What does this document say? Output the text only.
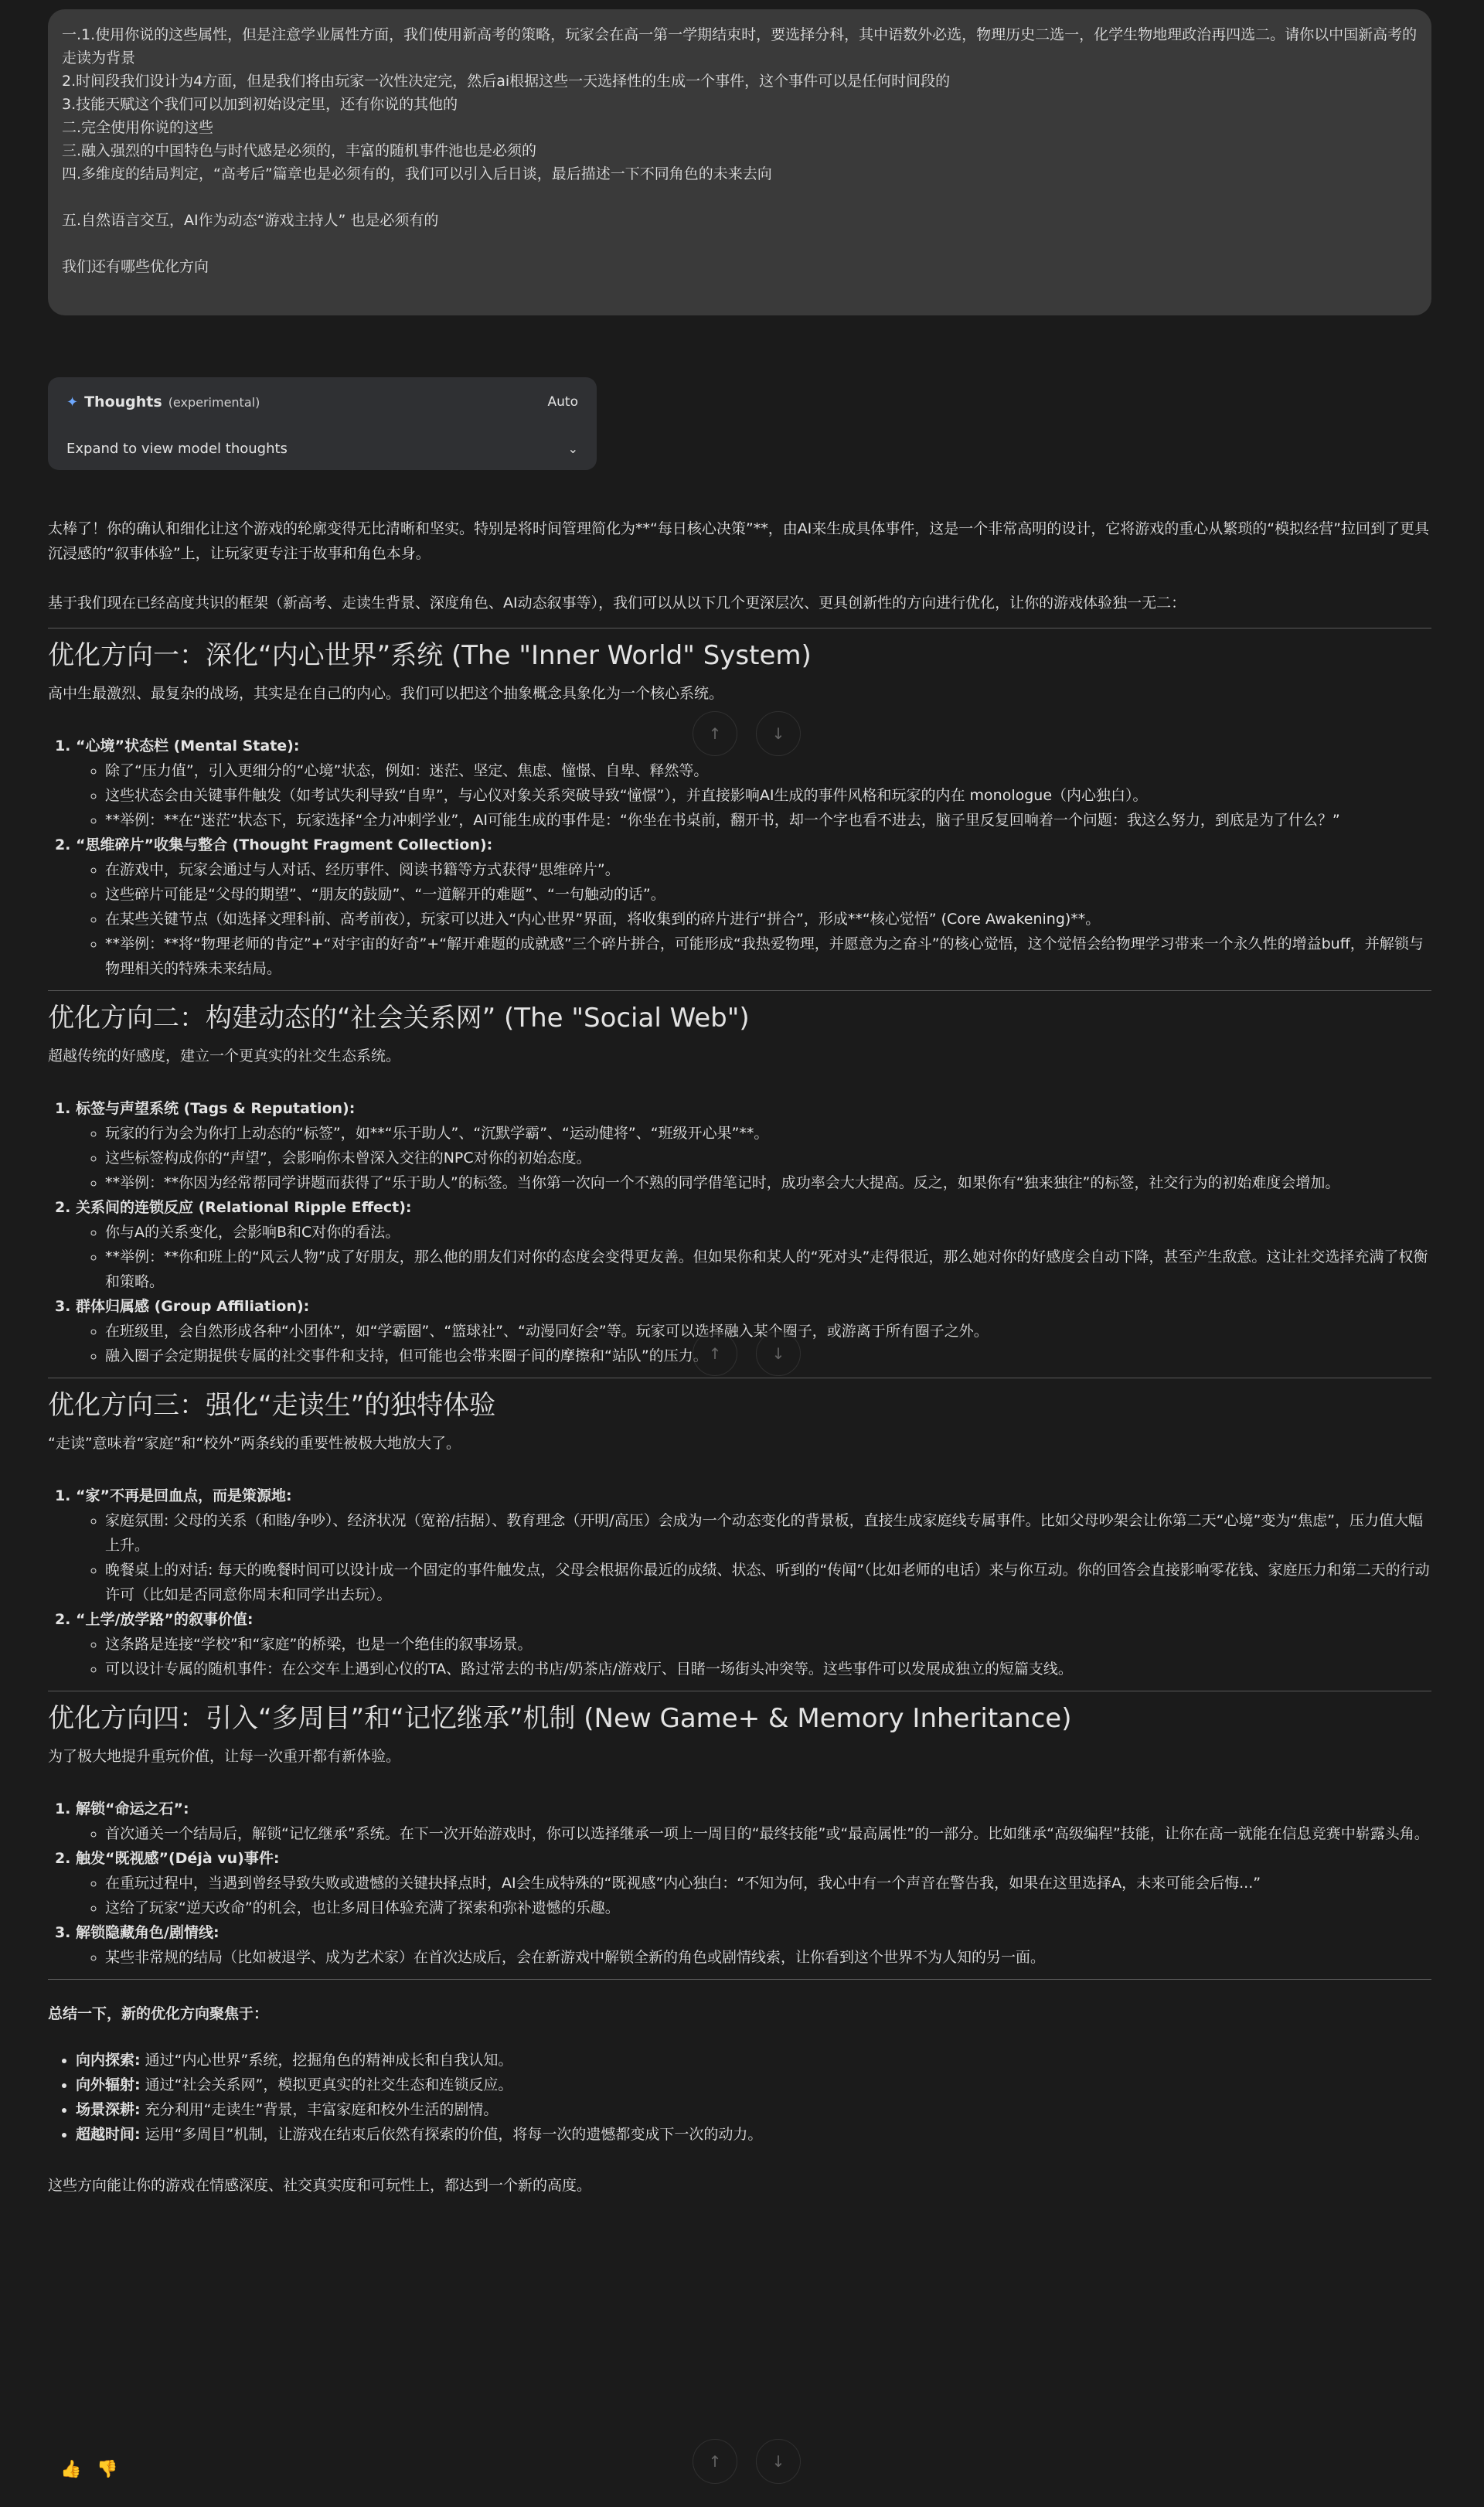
一.1.使用你说的这些属性，但是注意学业属性方面，我们使用新高考的策略，玩家会在高一第一学期结束时，要选择分科，其中语数外必选，物理历史二选一，化学生物地理政治再四选二。请你以中国新高考的走读为背景

2.时间段我们设计为4方面，但是我们将由玩家一次性决定完，然后ai根据这些一天选择性的生成一个事件，这个事件可以是任何时间段的

3.技能天赋这个我们可以加到初始设定里，还有你说的其他的

二.完全使用你说的这些

三.融入强烈的中国特色与时代感是必须的，丰富的随机事件池也是必须的

四.多维度的结局判定，“高考后”篇章也是必须有的，我们可以引入后日谈，最后描述一下不同角色的未来去向

五.自然语言交互，AI作为动态“游戏主持人” 也是必须有的

我们还有哪些优化方向

✦ Thoughts (experimental)	Auto
Expand to view model thoughts	⌄

太棒了！你的确认和细化让这个游戏的轮廓变得无比清晰和坚实。特别是将时间管理简化为**“每日核心决策”**，由AI来生成具体事件，这是一个非常高明的设计，它将游戏的重心从繁琐的“模拟经营”拉回到了更具沉浸感的“叙事体验”上，让玩家更专注于故事和角色本身。

基于我们现在已经高度共识的框架（新高考、走读生背景、深度角色、AI动态叙事等），我们可以从以下几个更深层次、更具创新性的方向进行优化，让你的游戏体验独一无二：

优化方向一：深化“内心世界”系统 (The "Inner World" System)

高中生最激烈、最复杂的战场，其实是在自己的内心。我们可以把这个抽象概念具象化为一个核心系统。

1. “心境”状态栏 (Mental State):
◦ 除了“压力值”，引入更细分的“心境”状态，例如：迷茫、坚定、焦虑、憧憬、自卑、释然等。
◦ 这些状态会由关键事件触发（如考试失利导致“自卑”，与心仪对象关系突破导致“憧憬”），并直接影响AI生成的事件风格和玩家的内在 monologue（内心独白）。
◦ **举例：**在“迷茫”状态下，玩家选择“全力冲刺学业”，AI可能生成的事件是：“你坐在书桌前，翻开书，却一个字也看不进去，脑子里反复回响着一个问题：我这么努力，到底是为了什么？”
2. “思维碎片”收集与整合 (Thought Fragment Collection):
◦ 在游戏中，玩家会通过与人对话、经历事件、阅读书籍等方式获得“思维碎片”。
◦ 这些碎片可能是“父母的期望”、“朋友的鼓励”、“一道解开的难题”、“一句触动的话”。
◦ 在某些关键节点（如选择文理科前、高考前夜），玩家可以进入“内心世界”界面，将收集到的碎片进行“拼合”，形成**“核心觉悟” (Core Awakening)**。
◦ **举例：**将“物理老师的肯定”+“对宇宙的好奇”+“解开难题的成就感”三个碎片拼合，可能形成“我热爱物理，并愿意为之奋斗”的核心觉悟，这个觉悟会给物理学习带来一个永久性的增益buff，并解锁与物理相关的特殊未来结局。
优化方向二：构建动态的“社会关系网” (The "Social Web")

超越传统的好感度，建立一个更真实的社交生态系统。

1. 标签与声望系统 (Tags & Reputation):
◦ 玩家的行为会为你打上动态的“标签”，如**“乐于助人”、“沉默学霸”、“运动健将”、“班级开心果”**。
◦ 这些标签构成你的“声望”，会影响你未曾深入交往的NPC对你的初始态度。
◦ **举例：**你因为经常帮同学讲题而获得了“乐于助人”的标签。当你第一次向一个不熟的同学借笔记时，成功率会大大提高。反之，如果你有“独来独往”的标签，社交行为的初始难度会增加。
2. 关系间的连锁反应 (Relational Ripple Effect):
◦ 你与A的关系变化，会影响B和C对你的看法。
◦ **举例：**你和班上的“风云人物”成了好朋友，那么他的朋友们对你的态度会变得更友善。但如果你和某人的“死对头”走得很近，那么她对你的好感度会自动下降，甚至产生敌意。这让社交选择充满了权衡和策略。
3. 群体归属感 (Group Affiliation):
◦ 在班级里，会自然形成各种“小团体”，如“学霸圈”、“篮球社”、“动漫同好会”等。玩家可以选择融入某个圈子，或游离于所有圈子之外。
◦ 融入圈子会定期提供专属的社交事件和支持，但可能也会带来圈子间的摩擦和“站队”的压力。
优化方向三：强化“走读生”的独特体验

“走读”意味着“家庭”和“校外”两条线的重要性被极大地放大了。

1. “家”不再是回血点，而是策源地:
◦ 家庭氛围: 父母的关系（和睦/争吵）、经济状况（宽裕/拮据）、教育理念（开明/高压）会成为一个动态变化的背景板，直接生成家庭线专属事件。比如父母吵架会让你第二天“心境”变为“焦虑”，压力值大幅上升。
◦ 晚餐桌上的对话: 每天的晚餐时间可以设计成一个固定的事件触发点，父母会根据你最近的成绩、状态、听到的“传闻”（比如老师的电话）来与你互动。你的回答会直接影响零花钱、家庭压力和第二天的行动许可（比如是否同意你周末和同学出去玩）。
2. “上学/放学路”的叙事价值:
◦ 这条路是连接“学校”和“家庭”的桥梁，也是一个绝佳的叙事场景。
◦ 可以设计专属的随机事件：在公交车上遇到心仪的TA、路过常去的书店/奶茶店/游戏厅、目睹一场街头冲突等。这些事件可以发展成独立的短篇支线。
优化方向四：引入“多周目”和“记忆继承”机制 (New Game+ & Memory Inheritance)

为了极大地提升重玩价值，让每一次重开都有新体验。

1. 解锁“命运之石”:
◦ 首次通关一个结局后，解锁“记忆继承”系统。在下一次开始游戏时，你可以选择继承一项上一周目的“最终技能”或“最高属性”的一部分。比如继承“高级编程”技能，让你在高一就能在信息竞赛中崭露头角。
2. 触发“既视感”(Déjà vu)事件:
◦ 在重玩过程中，当遇到曾经导致失败或遗憾的关键抉择点时，AI会生成特殊的“既视感”内心独白：“不知为何，我心中有一个声音在警告我，如果在这里选择A，未来可能会后悔...”
◦ 这给了玩家“逆天改命”的机会，也让多周目体验充满了探索和弥补遗憾的乐趣。
3. 解锁隐藏角色/剧情线:
◦ 某些非常规的结局（比如被退学、成为艺术家）在首次达成后，会在新游戏中解锁全新的角色或剧情线索，让你看到这个世界不为人知的另一面。

总结一下，新的优化方向聚焦于：

• 向内探索: 通过“内心世界”系统，挖掘角色的精神成长和自我认知。
• 向外辐射: 通过“社会关系网”，模拟更真实的社交生态和连锁反应。
• 场景深耕: 充分利用“走读生”背景，丰富家庭和校外生活的剧情。
• 超越时间: 运用“多周目”机制，让游戏在结束后依然有探索的价值，将每一次的遗憾都变成下一次的动力。

这些方向能让你的游戏在情感深度、社交真实度和可玩性上，都达到一个新的高度。

↑	↓
↑	↓
↑	↓
👍 👎
